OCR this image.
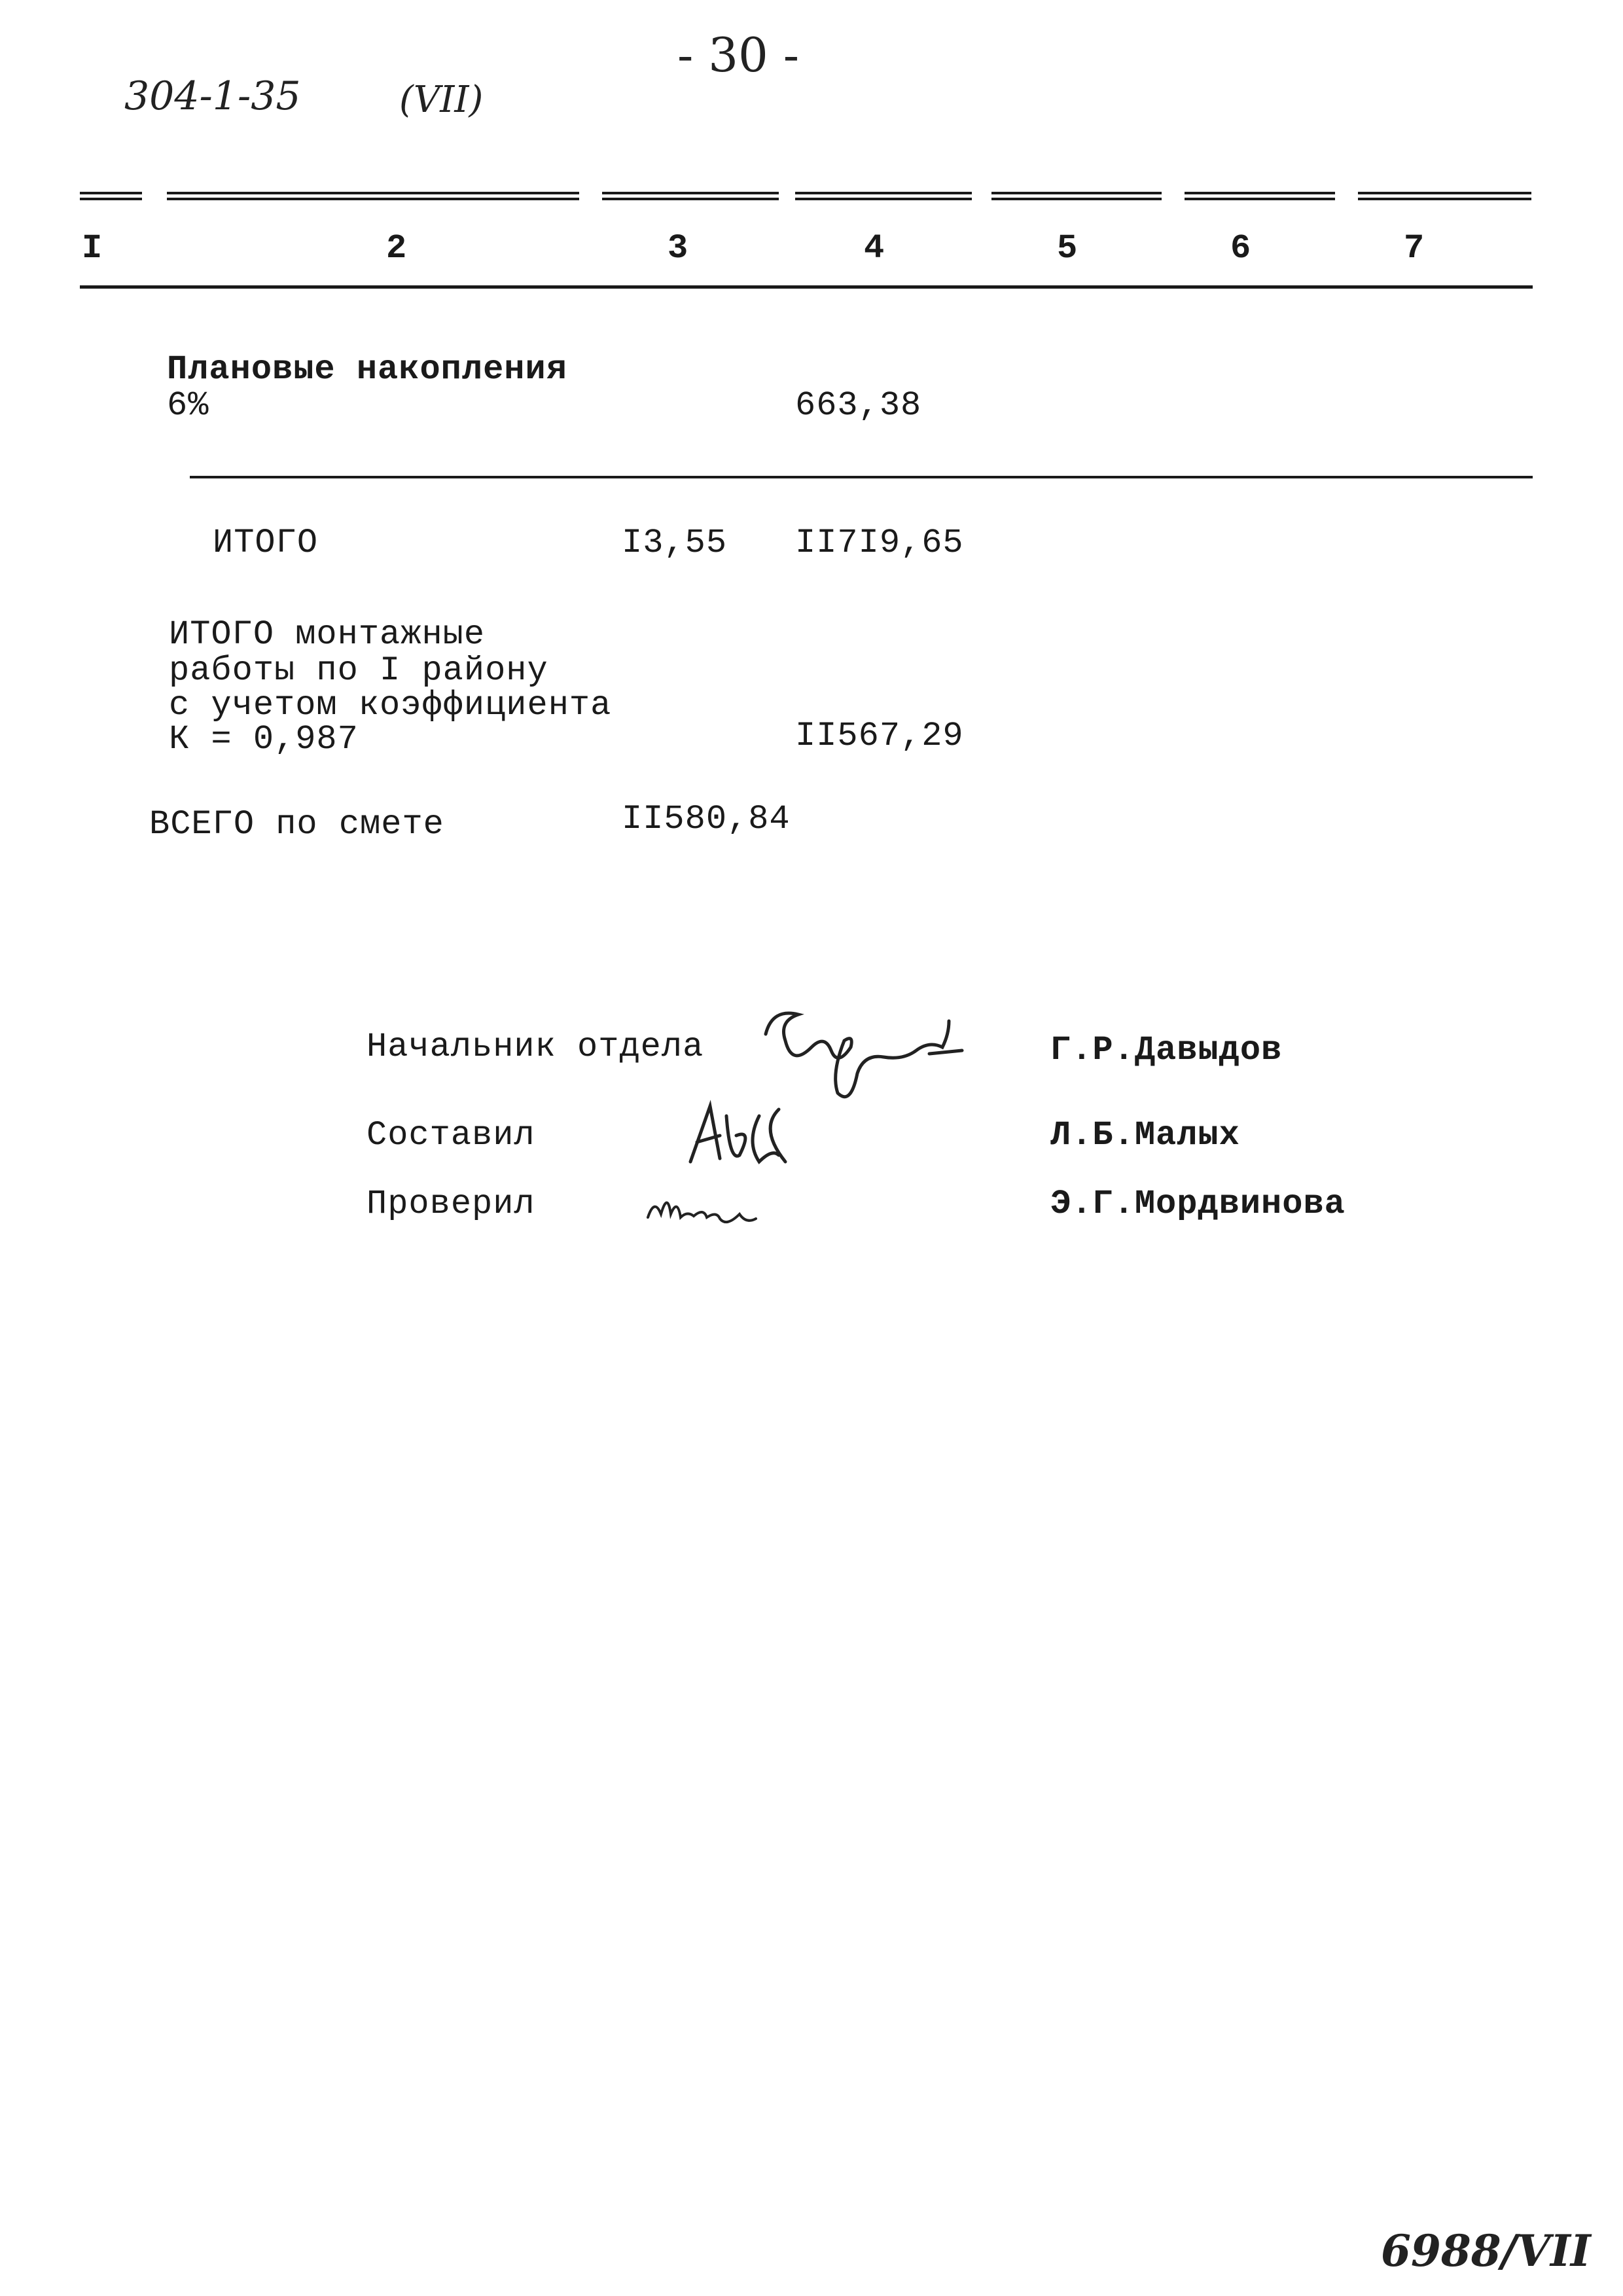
304-1-35	(VII)
- 30 -
I	2	3	4	5	6	7
Плановые накопления
6%	663,38
ИТОГО	I3,55 II7I9,65
ИТОГО монтажные
работы по I району
с учетом коэффициента
К = 0,987	II567,29
ВСЕГО по смете	II580,84
Начальник отдела	Г.Р.Давыдов
Составил	Л.Б.Малых
Проверил	Э.Г.Мордвинова
6988/VII
